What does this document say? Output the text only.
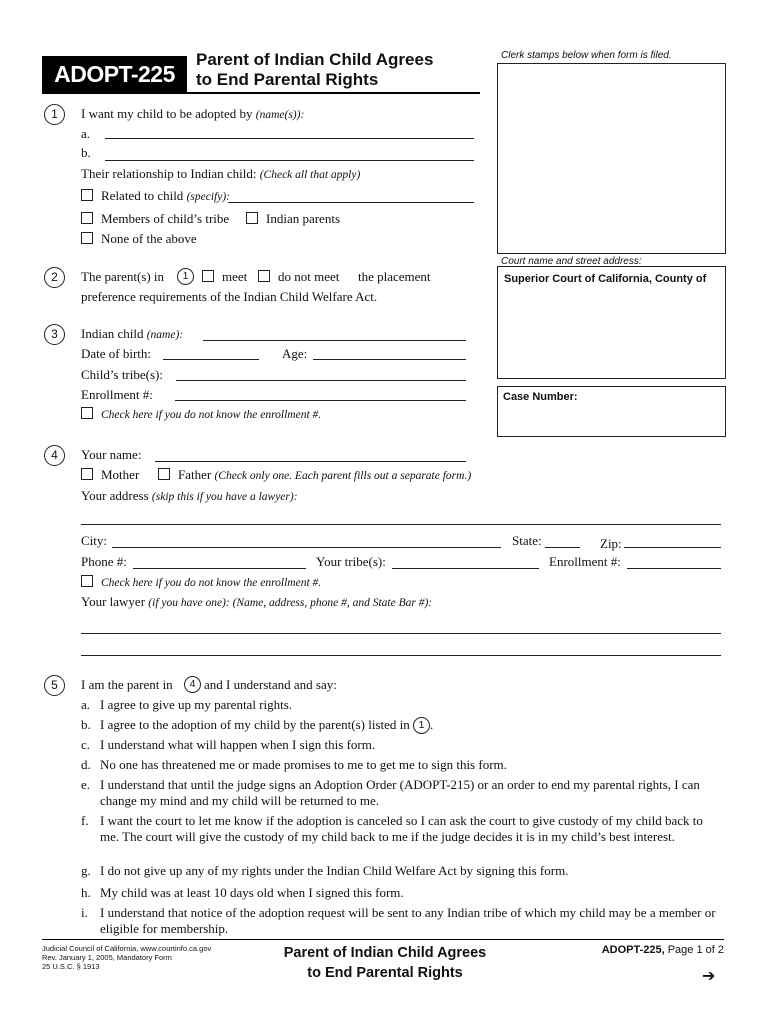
ADOPT-225
Parent of Indian Child Agrees
to End Parental Rights
Clerk stamps below when form is filed.
Court name and street address:
Superior Court of California, County of
Case Number:
1	I want my child to be adopted by (name(s)):
a.
b.
Their relationship to Indian child: (Check all that apply)
Related to child (specify):
Members of child’s tribe	Indian parents
None of the above
2	The parent(s) in	1	meet do not meet the placement
preference requirements of the Indian Child Welfare Act.
3	Indian child (name):
Date of birth:	Age:
Child’s tribe(s):
Enrollment #:
Check here if you do not know the enrollment #.
4	Your name:
Mother	Father (Check only one. Each parent fills out a separate form.)
Your address (skip this if you have a lawyer):
City:	State:	Zip:
Phone #:	Your tribe(s):	Enrollment #:
Check here if you do not know the enrollment #.
Your lawyer (if you have one): (Name, address, phone #, and State Bar #):
5	I am the parent in	4 and I understand and say:
a. I agree to give up my parental rights.
b. I agree to the adoption of my child by the parent(s) listed in 1 .
c. I understand what will happen when I sign this form.
d. No one has threatened me or made promises to me to get me to sign this form.
e. I understand that until the judge signs an Adoption Order (ADOPT-215) or an order to end my parental rights, I can change my mind and my child will be returned to me.
f. I want the court to let me know if the adoption is canceled so I can ask the court to give custody of my child back to me. The court will give the custody of my child back to me if the judge decides it is in my child’s best interest.
g. I do not give up any of my rights under the Indian Child Welfare Act by signing this form.
h. My child was at least 10 days old when I signed this form.
i. I understand that notice of the adoption request will be sent to any Indian tribe of which my child may be a member or eligible for membership.
Judicial Council of California, www.courtinfo.ca.gov
Rev. January 1, 2005, Mandatory Form
25 U.S.C. § 1913
Parent of Indian Child Agrees
to End Parental Rights
ADOPT-225, Page 1 of 2
➔
